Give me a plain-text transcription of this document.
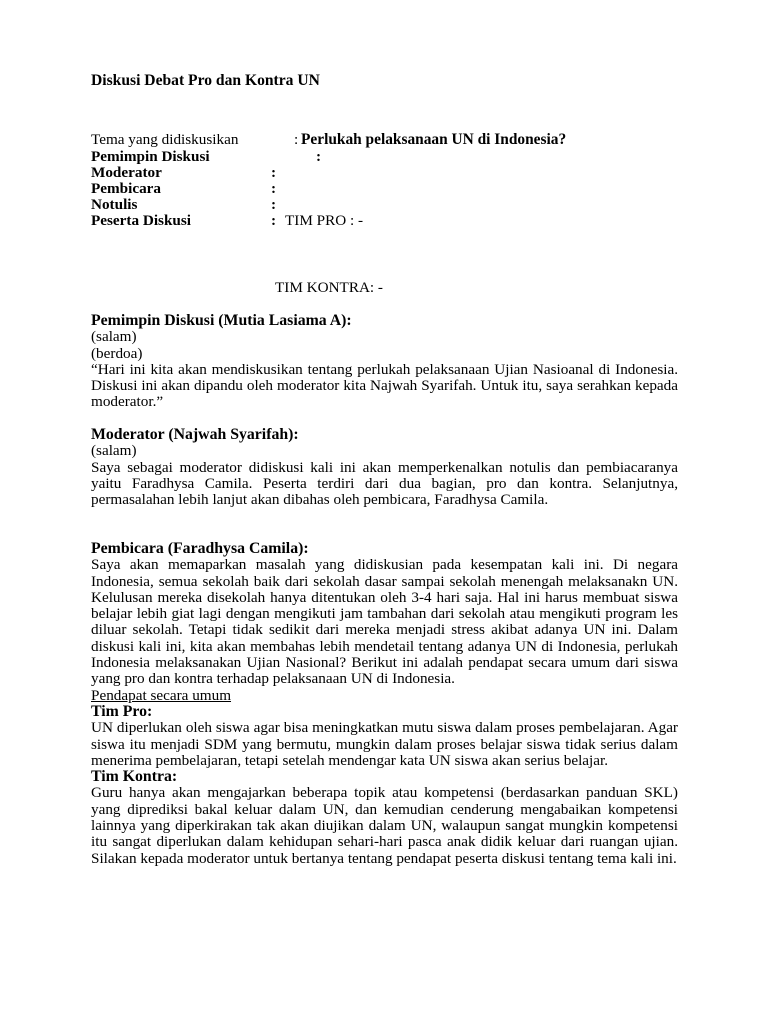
Diskusi Debat Pro dan Kontra UN
Tema yang didiskusikan	: Perlukah pelaksanaan UN di Indonesia?
Pemimpin Diskusi	:
Moderator	:
Pembicara	:
Notulis	:
Peserta Diskusi	: TIM PRO : -
TIM KONTRA: -
Pemimpin Diskusi (Mutia Lasiama A):
(salam)
(berdoa)

“Hari ini kita akan mendiskusikan tentang perlukah pelaksanaan Ujian Nasioanal di Indonesia. Diskusi ini akan dipandu oleh moderator kita Najwah Syarifah. Untuk itu, saya serahkan kepada moderator.”

Moderator (Najwah Syarifah):
(salam)

Saya sebagai moderator didiskusi kali ini akan memperkenalkan notulis dan pembiacaranya yaitu Faradhysa Camila. Peserta terdiri dari dua bagian, pro dan kontra. Selanjutnya, permasalahan lebih lanjut akan dibahas oleh pembicara, Faradhysa Camila.

Pembicara (Faradhysa Camila):

Saya akan memaparkan masalah yang didiskusian pada kesempatan kali ini. Di negara Indonesia, semua sekolah baik dari sekolah dasar sampai sekolah menengah melaksanakn UN. Kelulusan mereka disekolah hanya ditentukan oleh 3-4 hari saja. Hal ini harus membuat siswa belajar lebih giat lagi dengan mengikuti jam tambahan dari sekolah atau mengikuti program les diluar sekolah. Tetapi tidak sedikit dari mereka menjadi stress akibat adanya UN ini. Dalam diskusi kali ini, kita akan membahas lebih mendetail tentang adanya UN di Indonesia, perlukah Indonesia melaksanakan Ujian Nasional? Berikut ini adalah pendapat secara umum dari siswa yang pro dan kontra terhadap pelaksanaan UN di Indonesia.

Pendapat secara umum
Tim Pro:

UN diperlukan oleh siswa agar bisa meningkatkan mutu siswa dalam proses pembelajaran. Agar siswa itu menjadi SDM yang bermutu, mungkin dalam proses belajar siswa tidak serius dalam menerima pembelajaran, tetapi setelah mendengar kata UN siswa akan serius belajar.

Tim Kontra:

Guru hanya akan mengajarkan beberapa topik atau kompetensi (berdasarkan panduan SKL) yang diprediksi bakal keluar dalam UN, dan kemudian cenderung mengabaikan kompetensi lainnya yang diperkirakan tak akan diujikan dalam UN, walaupun sangat mungkin kompetensi itu sangat diperlukan dalam kehidupan sehari-hari pasca anak didik keluar dari ruangan ujian. Silakan kepada moderator untuk bertanya tentang pendapat peserta diskusi tentang tema kali ini.
